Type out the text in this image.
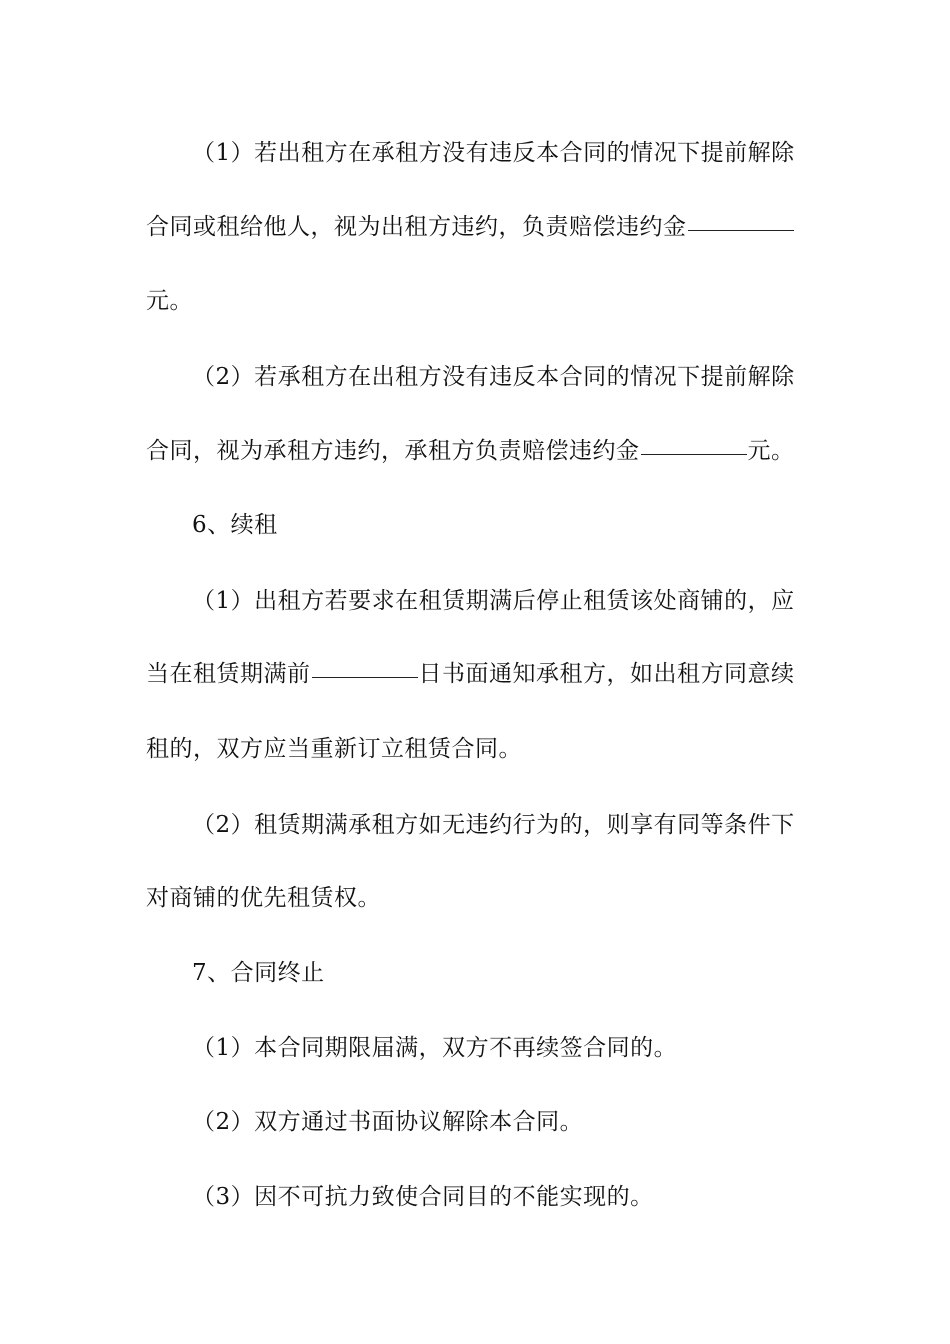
（1）若出租方在承租方没有违反本合同的情况下提前解除
合同或租给他人，视为出租方违约，负责赔偿违约金
元。
（2）若承租方在出租方没有违反本合同的情况下提前解除
合同，视为承租方违约，承租方负责赔偿违约金	元。
6、续租
（1）出租方若要求在租赁期满后停止租赁该处商铺的，应
当在租赁期满前	日书面通知承租方，如出租方同意续
租的，双方应当重新订立租赁合同。
（2）租赁期满承租方如无违约行为的，则享有同等条件下
对商铺的优先租赁权。
7、合同终止
（1）本合同期限届满，双方不再续签合同的。
（2）双方通过书面协议解除本合同。
（3）因不可抗力致使合同目的不能实现的。
